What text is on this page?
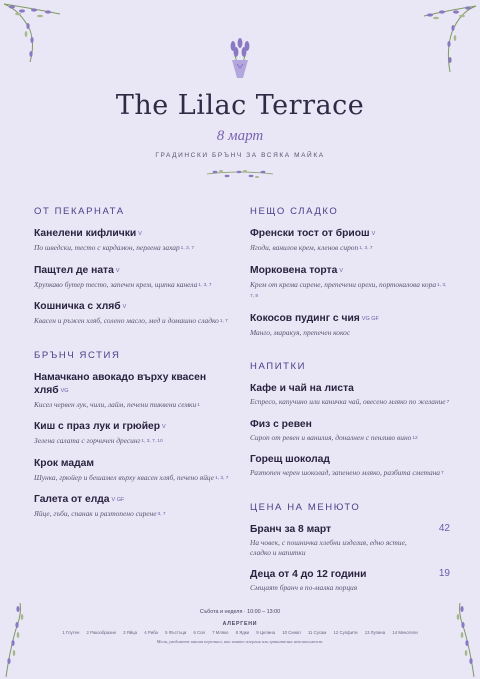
The Lilac Terrace
8 март
ГРАДИНСКИ БРЪНЧ ЗА ВСЯКА МАЙКА
ОТ ПЕКАРНАТА
Канелени кифлички V
По шведски, тесто с кардамон, перлена захар1, 3, 7
Пащтел де ната V
Хрупкаво бутер тесто, запечен крем, щипка канела1, 3, 7
Кошничка с хляб V
Квасен и ръжен хляб, солено масло, мед и домашно сладко1, 7
БРЪНЧ ЯСТИЯ
Намачкано авокадо върху квасен хляб VG
Кисел червен лук, чили, лайм, печени тиквени семки1
Киш с праз лук и грюйер V
Зелена салата с горчичен дресинг1, 3, 7, 10
Крок мадам
Шунка, грюйер и бешамел върху квасен хляб, печено яйце1, 3, 7
Галета от елда V GF
Яйце, гъби, спанак и разтопено сирене3, 7
НЕЩО СЛАДКО
Френски тост от бриош V
Ягоди, ванилов крем, кленов сироп1, 3, 7
Морковена торта V
Крем от крема сирене, препечени орехи, портокалова кора1, 3, 7, 8
Кокосов пудинг с чия VG GF
Манго, маракуя, препечен кокос
НАПИТКИ
Кафе и чай на листа
Еспресо, капучино или каничка чай, овесено мляко по желание7
Физ с ревен
Сироп от ревен и ванилия, доналнен с пенливо вино12
Горещ шоколад
Разтопен черен шоколад, запенено мляко, разбита сметана7
ЦЕНА НА МЕНЮТО
Бранч за 8 март	42
На човек, с пошничка хлебни изделия, едно ястие, сладко и напитки
Деца от 4 до 12 години	19
Смщаят бранч в по-малка порция
Събота и неделя · 10:00 – 13:00
АЛЕРГЕНИ
1 Глутен 2 Ракообразни 3 Яйца 4 Риба 5 Фъстъци 6 Соя 7 Мляко 8 Ядки 9 Целина 10 Синап 11 Сусам 12 Сулфити 13 Лупина 14 Мекотели
Моля, уведомете вашия персонал, ако имате алергия или хранителна непоносимост.
